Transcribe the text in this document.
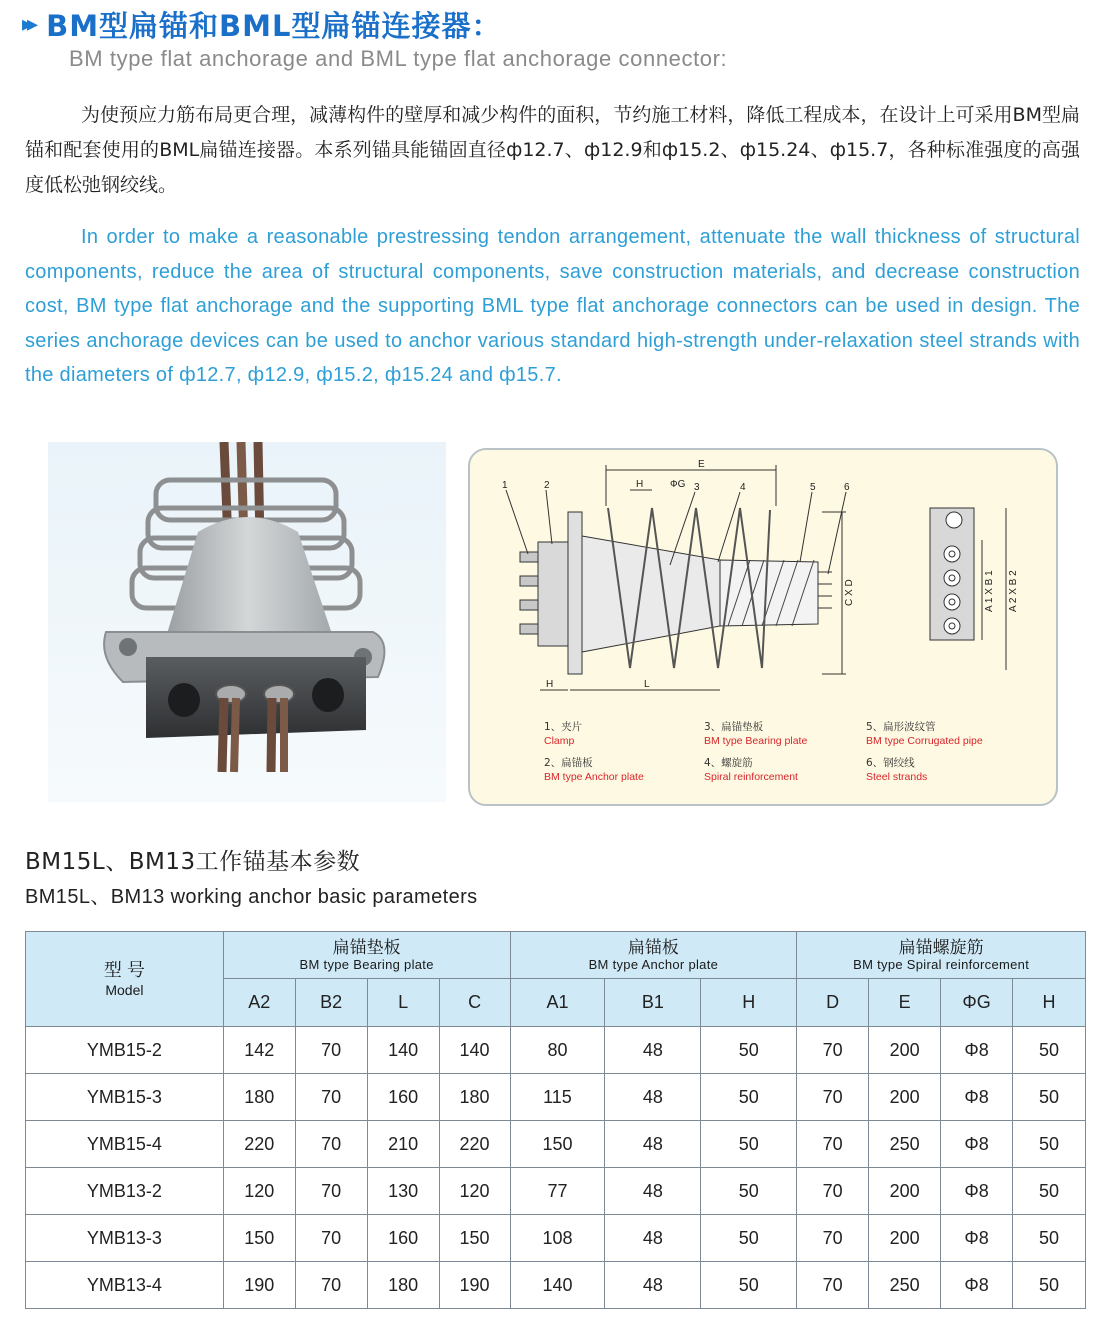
▸▸ BM型扁锚和BML型扁锚连接器：
BM type flat anchorage and BML type flat anchorage connector:
为使预应力筋布局更合理，减薄构件的壁厚和减少构件的面积，节约施工材料，降低工程成本，在设计上可采用BM型扁锚和配套使用的BML扁锚连接器。本系列锚具能锚固直径ф12.7、ф12.9和ф15.2、ф15.24、ф15.7，各种标准强度的高强度低松弛钢绞线。
In order to make a reasonable prestressing tendon arrangement, attenuate the wall thickness of structural components, reduce the area of structural components, save construction materials, and decrease construction cost, BM type flat anchorage and the supporting BML type flat anchorage connectors can be used in design. The series anchorage devices can be used to anchor various standard high-strength under-relaxation steel strands with the diameters of ф12.7, ф12.9, ф15.2, ф15.24 and ф15.7.
1	2	3	4	5	6
E
H	ФG
L
H
C X D	A 1 X B 1 A 2 X B 2
1、夹片
Clamp
2、扁锚板
BM type Anchor plate
3、扁锚垫板
BM type Bearing plate
4、螺旋筋
Spiral reinforcement
5、扁形波纹管
BM type Corrugated pipe
6、钢绞线
Steel strands
BM15L、BM13工作锚基本参数
BM15L、BM13 working anchor basic parameters
型 号
Model	扁锚垫板
BM type Bearing plate				扁锚板
BM type Anchor plate			扁锚螺旋筋
BM type Spiral reinforcement			

	A2	B2	L	C	A1	B1	H	D	E	ΦG	H
YMB15-2	142	70	140	140	80	48	50	70	200	Φ8	50
YMB15-3	180	70	160	180	115	48	50	70	200	Φ8	50
YMB15-4	220	70	210	220	150	48	50	70	250	Φ8	50
YMB13-2	120	70	130	120	77	48	50	70	200	Φ8	50
YMB13-3	150	70	160	150	108	48	50	70	200	Φ8	50
YMB13-4	190	70	180	190	140	48	50	70	250	Φ8	50
